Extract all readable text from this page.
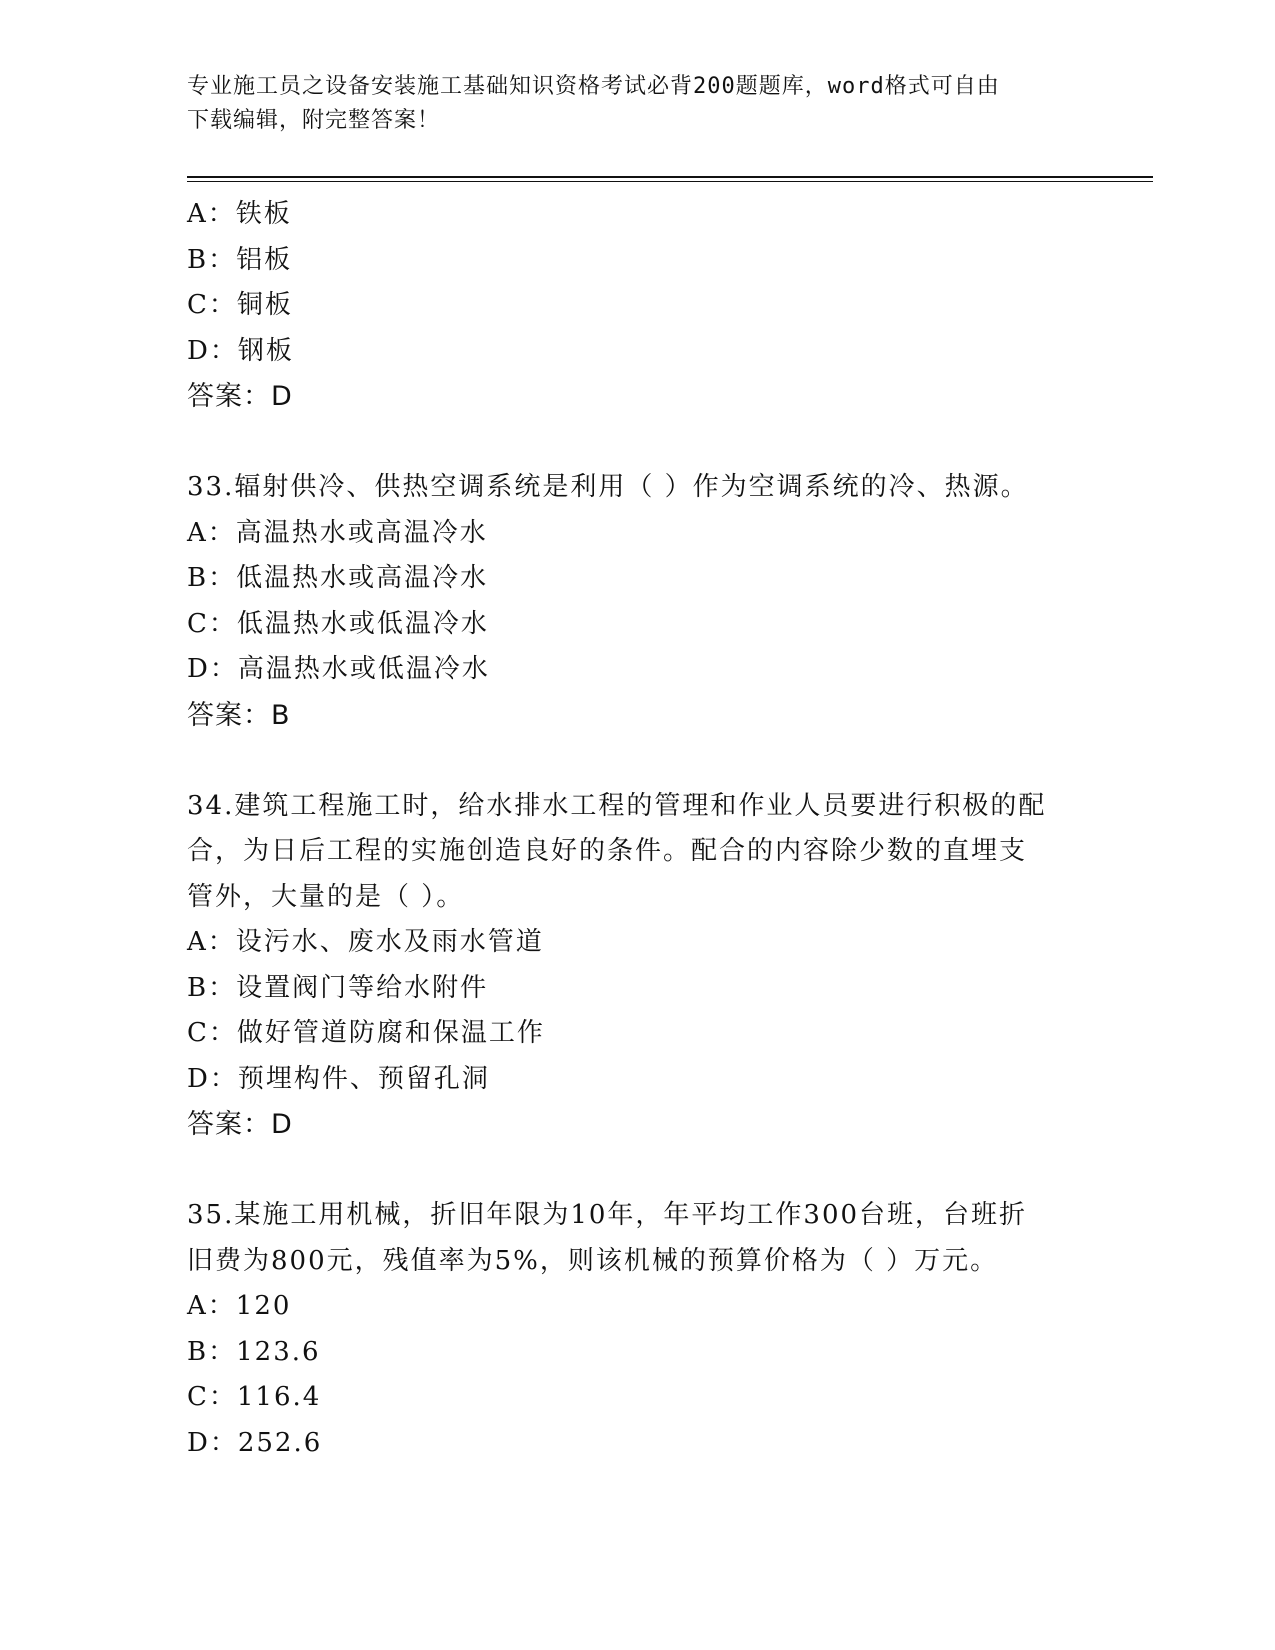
专业施工员之设备安装施工基础知识资格考试必背200题题库，word格式可自由
下载编辑，附完整答案！
A：铁板
B：铝板
C：铜板
D：钢板
答案：D
33.辐射供冷、供热空调系统是利用（ ）作为空调系统的冷、热源。
A：高温热水或高温冷水
B：低温热水或高温冷水
C：低温热水或低温冷水
D：高温热水或低温冷水
答案：B
34.建筑工程施工时，给水排水工程的管理和作业人员要进行积极的配
合，为日后工程的实施创造良好的条件。配合的内容除少数的直埋支
管外，大量的是（ ）。
A：设污水、废水及雨水管道
B：设置阀门等给水附件
C：做好管道防腐和保温工作
D：预埋构件、预留孔洞
答案：D
35.某施工用机械，折旧年限为10年，年平均工作300台班，台班折
旧费为800元，残值率为5%，则该机械的预算价格为（ ）万元。
A：120
B：123.6
C：116.4
D：252.6
